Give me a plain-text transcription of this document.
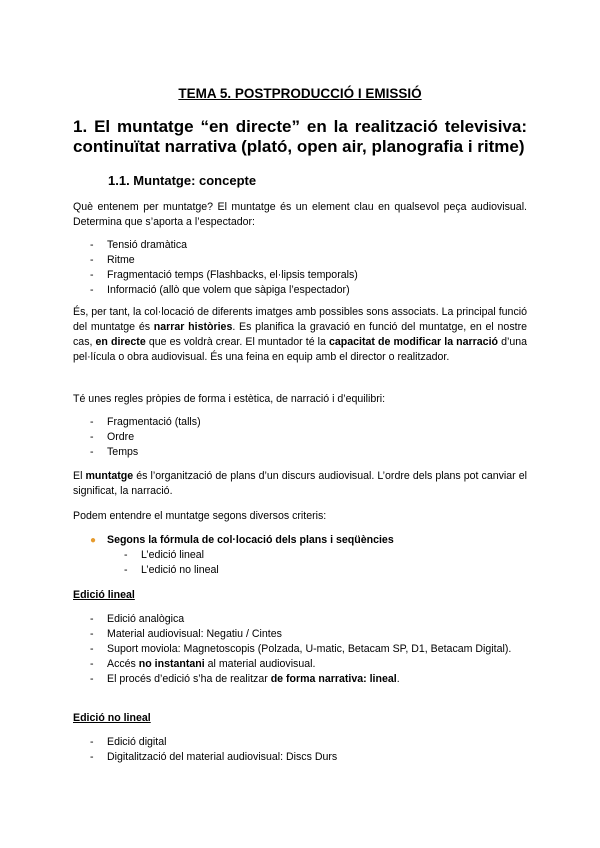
TEMA 5. POSTPRODUCCIÓ I EMISSIÓ
1. El muntatge “en directe” en la realització televisiva: continuïtat narrativa (plató, open air, planografia i ritme)
1.1. Muntatge: concepte

Què entenem per muntatge? El muntatge és un element clau en qualsevol peça audiovisual. Determina que s’aporta a l’espectador:

- Tensió dramàtica
- Ritme
- Fragmentació temps (Flashbacks, el·lipsis temporals)
- Informació (allò que volem que sàpiga l’espectador)

És, per tant, la col·locació de diferents imatges amb possibles sons associats. La principal funció del muntatge és narrar històries. Es planifica la gravació en funció del muntatge, en el nostre cas, en directe que es voldrà crear. El muntador té la capacitat de modificar la narració d’una pel·lícula o obra audiovisual. És una feina en equip amb el director o realitzador.

Té unes regles pròpies de forma i estètica, de narració i d’equilibri:

- Fragmentació (talls)
- Ordre
- Temps

El muntatge és l’organització de plans d’un discurs audiovisual. L’ordre dels plans pot canviar el significat, la narració.

Podem entendre el muntatge segons diversos criteris:

● Segons la fórmula de col·locació dels plans i seqüències
- L’edició lineal
- L’edició no lineal
Edició lineal
- Edició analògica
- Material audiovisual: Negatiu / Cintes
- Suport moviola: Magnetoscopis (Polzada, U-matic, Betacam SP, D1, Betacam Digital).
- Accés no instantani al material audiovisual.
- El procés d’edició s’ha de realitzar de forma narrativa: lineal.
Edició no lineal
- Edició digital
- Digitalització del material audiovisual: Discs Durs
